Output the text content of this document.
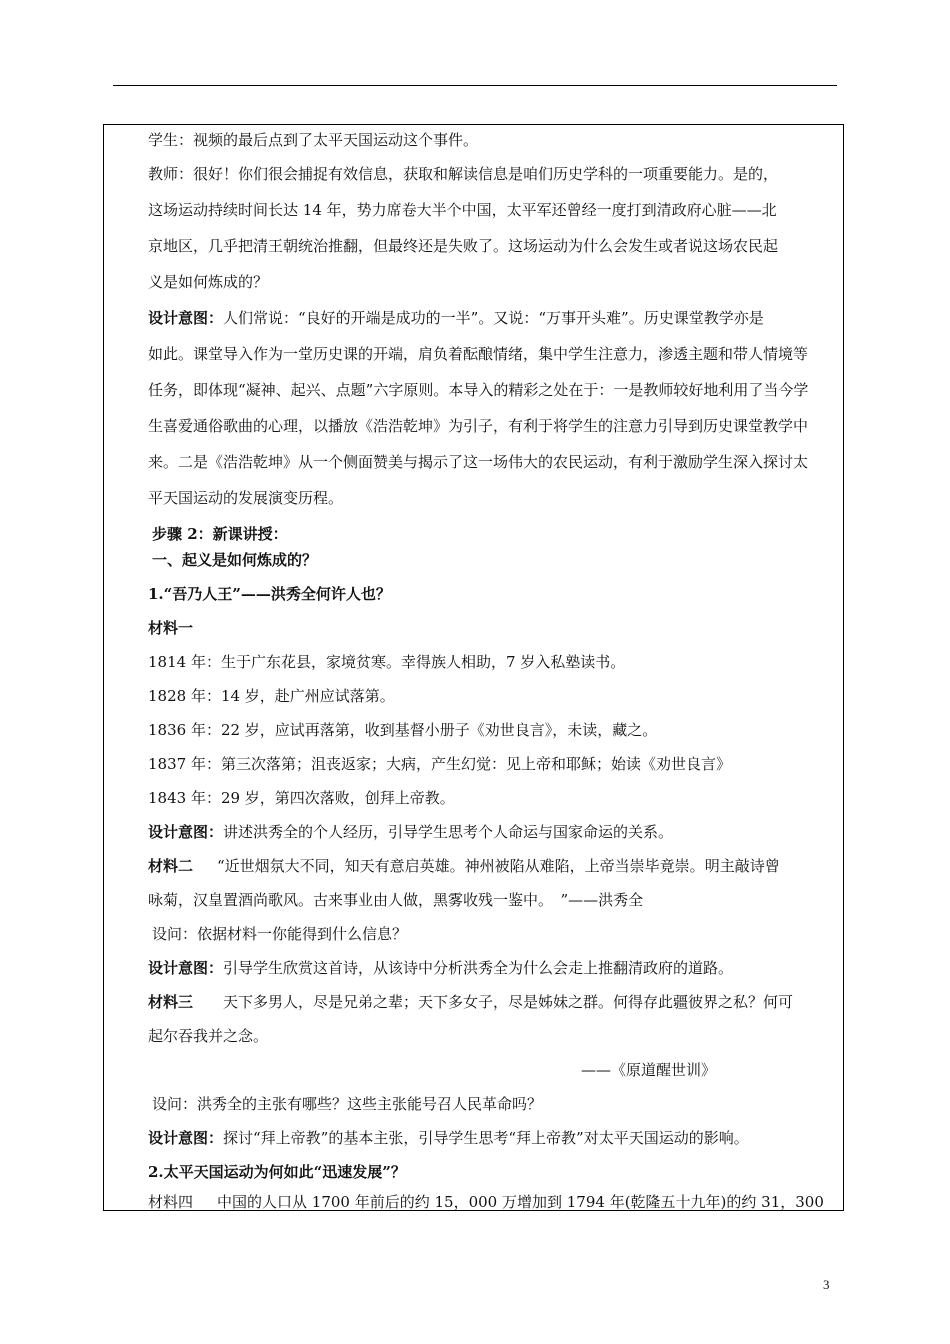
学生：视频的最后点到了太平天国运动这个事件。
教师：很好！你们很会捕捉有效信息，获取和解读信息是咱们历史学科的一项重要能力。是的，
这场运动持续时间长达 14 年，势力席卷大半个中国，太平军还曾经一度打到清政府心脏——北
京地区，几乎把清王朝统治推翻，但最终还是失败了。这场运动为什么会发生或者说这场农民起
义是如何炼成的？
设计意图：人们常说：“良好的开端是成功的一半”。又说：“万事开头难”。历史课堂教学亦是
如此。课堂导入作为一堂历史课的开端，肩负着酝酿情绪，集中学生注意力，渗透主题和带人情境等
任务，即体现“凝神、起兴、点题”六字原则。本导入的精彩之处在于：一是教师较好地利用了当今学
生喜爱通俗歌曲的心理，以播放《浩浩乾坤》为引子，有利于将学生的注意力引导到历史课堂教学中
来。二是《浩浩乾坤》从一个侧面赞美与揭示了这一场伟大的农民运动，有利于激励学生深入探讨太
平天国运动的发展演变历程。
步骤 2：新课讲授：
一、起义是如何炼成的？
1.“吾乃人王”——洪秀全何许人也？
材料一
1814 年：生于广东花县，家境贫寒。幸得族人相助，7 岁入私塾读书。
1828 年：14 岁，赴广州应试落第。
1836 年：22 岁，应试再落第，收到基督小册子《劝世良言》，未读，藏之。
1837 年：第三次落第；沮丧返家；大病，产生幻觉：见上帝和耶稣；始读《劝世良言》
1843 年：29 岁，第四次落败，创拜上帝教。
设计意图：讲述洪秀全的个人经历，引导学生思考个人命运与国家命运的关系。
材料二 “近世烟氛大不同，知天有意启英雄。神州被陷从难陷，上帝当崇毕竟崇。明主敲诗曾
咏菊，汉皇置酒尚歌风。古来事业由人做，黑雾收残一鉴中。　”——洪秀全
设问：依据材料一你能得到什么信息？
设计意图：引导学生欣赏这首诗，从该诗中分析洪秀全为什么会走上推翻清政府的道路。
材料三 天下多男人，尽是兄弟之辈；天下多女子，尽是姊妹之群。何得存此疆彼界之私？何可
起尔吞我并之念。
——《原道醒世训》
设问：洪秀全的主张有哪些？这些主张能号召人民革命吗？
设计意图：探讨“拜上帝教”的基本主张，引导学生思考“拜上帝教”对太平天国运动的影响。
2.太平天国运动为何如此“迅速发展”？
材料四 中国的人口从 1700 年前后的约 15，000 万增加到 1794 年(乾隆五十九年)的约 31，300
3
